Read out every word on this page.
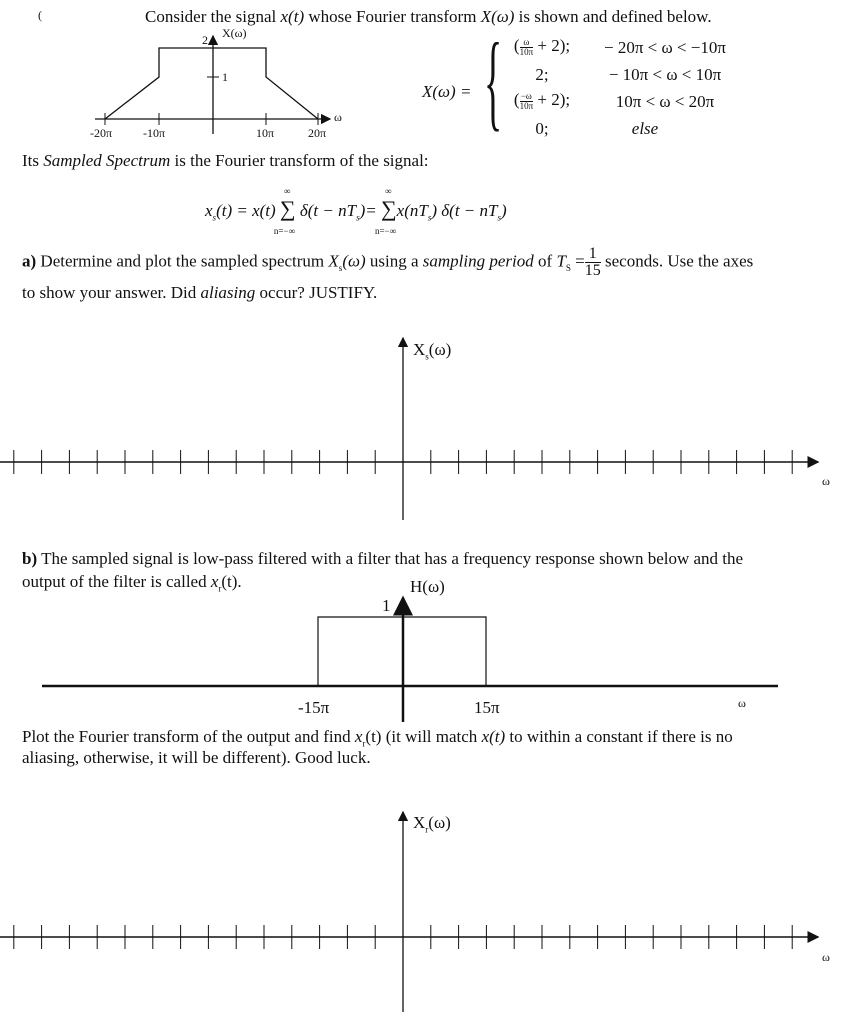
(	Consider the signal x(t) whose Fourier transform X(ω) is shown and defined below.
2
1
X(ω)
ω
-20π	-10π	10π	20π
X(ω) = { ( $\frac{\omega}{10\pi} + 2$);	− 20π < ω < −10π
2;	− 10π < ω < 10π
( $\frac{-\omega}{10\pi} + 2$);	10π < ω < 20π
0;	else
Its Sampled Spectrum is the Fourier transform of the signal:
$x_s(t) = x(t)$ ∑
∞
n=−∞
$\delta(t - nT_s)=$ ∑
∞
n=−∞
$x(nT_s) \delta(t - nT_s)$
a) Determine and plot the sampled spectrum $X_s(\omega)$ using a sampling period of $T_S = \frac{1}{15}$ seconds. Use the axes
to show your answer. Did aliasing occur? JUSTIFY.
$X_s(\omega)$
ω
b) The sampled signal is low-pass filtered with a filter that has a frequency response shown below and the
output of the filter is called $x_r(t)$.	H(ω)
1
-15π	15π	ω
Plot the Fourier transform of the output and find $x_r(t)$ (it will match x(t) to within a constant if there is no
aliasing, otherwise, it will be different). Good luck.
$X_r(\omega)$
ω
